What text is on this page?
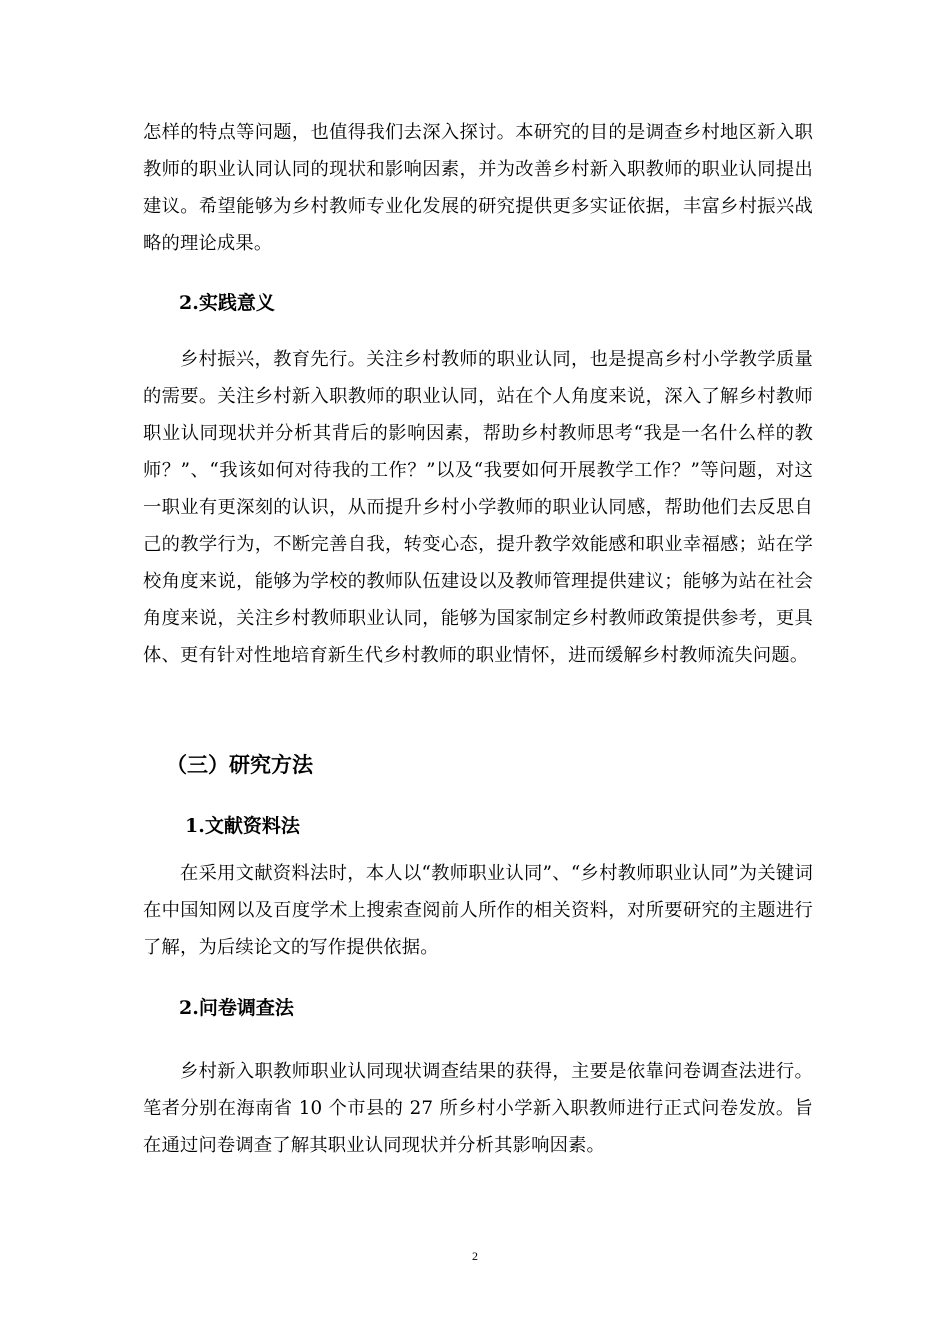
怎样的特点等问题，也值得我们去深入探讨。本研究的目的是调查乡村地区新入职教师的职业认同认同的现状和影响因素，并为改善乡村新入职教师的职业认同提出建议。希望能够为乡村教师专业化发展的研究提供更多实证依据，丰富乡村振兴战略的理论成果。

2.实践意义

乡村振兴，教育先行。关注乡村教师的职业认同，也是提高乡村小学教学质量的需要。关注乡村新入职教师的职业认同，站在个人角度来说，深入了解乡村教师职业认同现状并分析其背后的影响因素，帮助乡村教师思考“我是一名什么样的教师？”、“我该如何对待我的工作？”以及“我要如何开展教学工作？”等问题，对这一职业有更深刻的认识，从而提升乡村小学教师的职业认同感，帮助他们去反思自己的教学行为，不断完善自我，转变心态，提升教学效能感和职业幸福感；站在学校角度来说，能够为学校的教师队伍建设以及教师管理提供建议；能够为站在社会角度来说，关注乡村教师职业认同，能够为国家制定乡村教师政策提供参考，更具体、更有针对性地培育新生代乡村教师的职业情怀，进而缓解乡村教师流失问题。

（三）研究方法
1.文献资料法

在采用文献资料法时，本人以“教师职业认同”、“乡村教师职业认同”为关键词在中国知网以及百度学术上搜索查阅前人所作的相关资料，对所要研究的主题进行了解，为后续论文的写作提供依据。

2.问卷调查法

乡村新入职教师职业认同现状调查结果的获得，主要是依靠问卷调查法进行。笔者分别在海南省 10 个市县的 27 所乡村小学新入职教师进行正式问卷发放。旨在通过问卷调查了解其职业认同现状并分析其影响因素。

2
